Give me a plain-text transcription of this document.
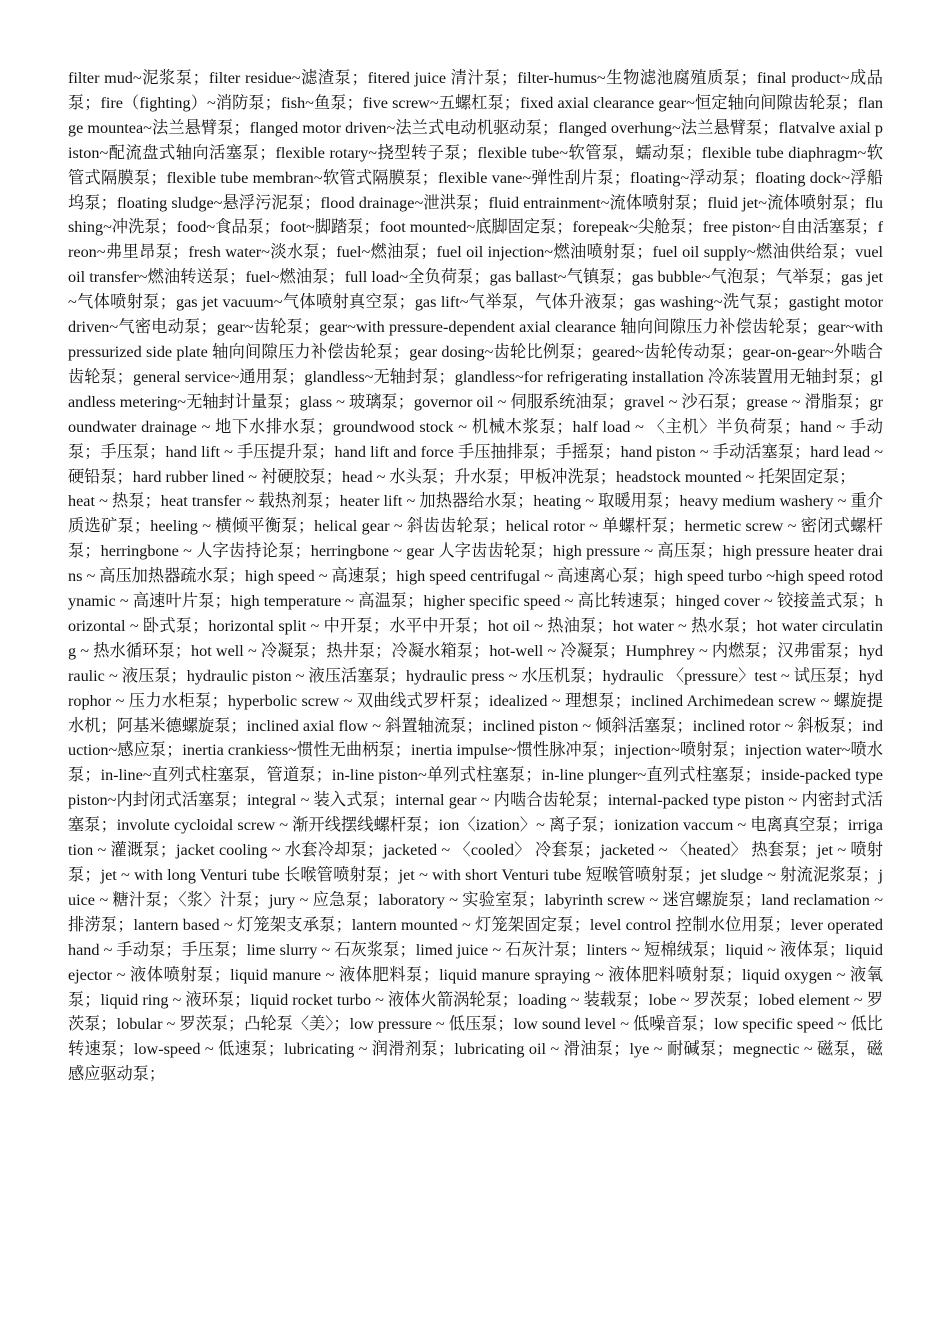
filter mud~泥浆泵；filter residue~滤渣泵；fitered juice 清汁泵；filter-humus~生物滤池腐殖质泵；final product~成品泵；fire（fighting）~消防泵；fish~鱼泵；five screw~五螺杠泵；fixed axial clearance gear~恒定轴向间隙齿轮泵；flange mountea~法兰悬臂泵；flanged motor driven~法兰式电动机驱动泵；flanged overhung~法兰悬臂泵；flatvalve axial piston~配流盘式轴向活塞泵；flexible rotary~挠型转子泵；flexible tube~软管泵，蠕动泵；flexible tube diaphragm~软管式隔膜泵；flexible tube membran~软管式隔膜泵；flexible vane~弹性刮片泵；floating~浮动泵；floating dock~浮船坞泵；floating sludge~悬浮污泥泵；flood drainage~泄洪泵；fluid entrainment~流体喷射泵；fluid jet~流体喷射泵；flushing~冲洗泵；food~食品泵；foot~脚踏泵；foot mounted~底脚固定泵；forepeak~尖舱泵；free piston~自由活塞泵；freon~弗里昂泵；fresh water~淡水泵；fuel~燃油泵；fuel oil injection~燃油喷射泵；fuel oil supply~燃油供给泵；vuel oil transfer~燃油转送泵；fuel~燃油泵；full load~全负荷泵；gas ballast~气镇泵；gas bubble~气泡泵；气举泵；gas jet~气体喷射泵；gas jet vacuum~气体喷射真空泵；gas lift~气举泵，气体升液泵；gas washing~洗气泵；gastight motor driven~气密电动泵；gear~齿轮泵；gear~with pressure-dependent axial clearance 轴向间隙压力补偿齿轮泵；gear~with pressurized side plate 轴向间隙压力补偿齿轮泵；gear dosing~齿轮比例泵；geared~齿轮传动泵；gear-on-gear~外啮合齿轮泵；general service~通用泵；glandless~无轴封泵；glandless~for refrigerating installation 冷冻装置用无轴封泵；glandless metering~无轴封计量泵；glass ~ 玻璃泵；governor oil ~ 伺服系统油泵；gravel ~ 沙石泵；grease ~ 滑脂泵；groundwater drainage ~ 地下水排水泵；groundwood stock ~ 机械木浆泵；half load ~ 〈主机〉半负荷泵；hand ~ 手动泵；手压泵；hand lift ~ 手压提升泵；hand lift and force 手压抽排泵；手摇泵；hand piston ~ 手动活塞泵；hard lead ~ 硬铅泵；hard rubber lined ~ 衬硬胶泵；head ~ 水头泵；升水泵；甲板冲洗泵；headstock mounted ~ 托架固定泵；

heat ~ 热泵；heat transfer ~ 载热剂泵；heater lift ~ 加热器给水泵；heating ~ 取暖用泵；heavy medium washery ~ 重介质选矿泵；heeling ~ 横倾平衡泵；helical gear ~ 斜齿齿轮泵；helical rotor ~ 单螺杆泵；hermetic screw ~ 密闭式螺杆泵；herringbone ~ 人字齿持论泵；herringbone ~ gear 人字齿齿轮泵；high pressure ~ 高压泵；high pressure heater drains ~ 高压加热器疏水泵；high speed ~ 高速泵；high speed centrifugal ~ 高速离心泵；high speed turbo ~high speed rotodynamic ~ 高速叶片泵；high temperature ~ 高温泵；higher specific speed ~ 高比转速泵；hinged cover ~ 铰接盖式泵；horizontal ~ 卧式泵；horizontal split ~ 中开泵；水平中开泵；hot oil ~ 热油泵；hot water ~ 热水泵；hot water circulating ~ 热水循环泵；hot well ~ 冷凝泵；热井泵；冷凝水箱泵；hot-well ~ 冷凝泵；Humphrey ~ 内燃泵；汉弗雷泵；hydraulic ~ 液压泵；hydraulic piston ~ 液压活塞泵；hydraulic press ~ 水压机泵；hydraulic 〈pressure〉test ~ 试压泵；hydrophor ~ 压力水柜泵；hyperbolic screw ~ 双曲线式罗杆泵；idealized ~ 理想泵；inclined Archimedean screw ~ 螺旋提水机；阿基米德螺旋泵；inclined axial flow ~ 斜置轴流泵；inclined piston ~ 倾斜活塞泵；inclined rotor ~ 斜板泵；induction~感应泵；inertia crankiess~惯性无曲柄泵；inertia impulse~惯性脉冲泵；injection~喷射泵；injection water~喷水泵；in-line~直列式柱塞泵，管道泵；in-line piston~单列式柱塞泵；in-line plunger~直列式柱塞泵；inside-packed type piston~内封闭式活塞泵；integral ~ 装入式泵；internal gear ~ 内啮合齿轮泵；internal-packed type piston ~ 内密封式活塞泵；involute cycloidal screw ~ 渐开线摆线螺杆泵；ion〈ization〉~ 离子泵；ionization vaccum ~ 电离真空泵；irrigation ~ 灌溉泵；jacket cooling ~ 水套冷却泵；jacketed ~ 〈cooled〉 冷套泵；jacketed ~ 〈heated〉 热套泵；jet ~ 喷射泵；jet ~ with long Venturi tube 长喉管喷射泵；jet ~ with short Venturi tube 短喉管喷射泵；jet sludge ~ 射流泥浆泵；juice ~ 糖汁泵；〈浆〉汁泵；jury ~ 应急泵；laboratory ~ 实验室泵；labyrinth screw ~ 迷宫螺旋泵；land reclamation ~ 排涝泵；lantern based ~ 灯笼架支承泵；lantern mounted ~ 灯笼架固定泵；level control 控制水位用泵；lever operated hand ~ 手动泵；手压泵；lime slurry ~ 石灰浆泵；limed juice ~ 石灰汁泵；linters ~ 短棉绒泵；liquid ~ 液体泵；liquid ejector ~ 液体喷射泵；liquid manure ~ 液体肥料泵；liquid manure spraying ~ 液体肥料喷射泵；liquid oxygen ~ 液氧泵；liquid ring ~ 液环泵；liquid rocket turbo ~ 液体火箭涡轮泵；loading ~ 装载泵；lobe ~ 罗茨泵；lobed element ~ 罗茨泵；lobular ~ 罗茨泵；凸轮泵〈美〉；low pressure ~ 低压泵；low sound level ~ 低噪音泵；low specific speed ~ 低比转速泵；low-speed ~ 低速泵；lubricating ~ 润滑剂泵；lubricating oil ~ 滑油泵；lye ~ 耐碱泵；megnectic ~ 磁泵，磁感应驱动泵；
